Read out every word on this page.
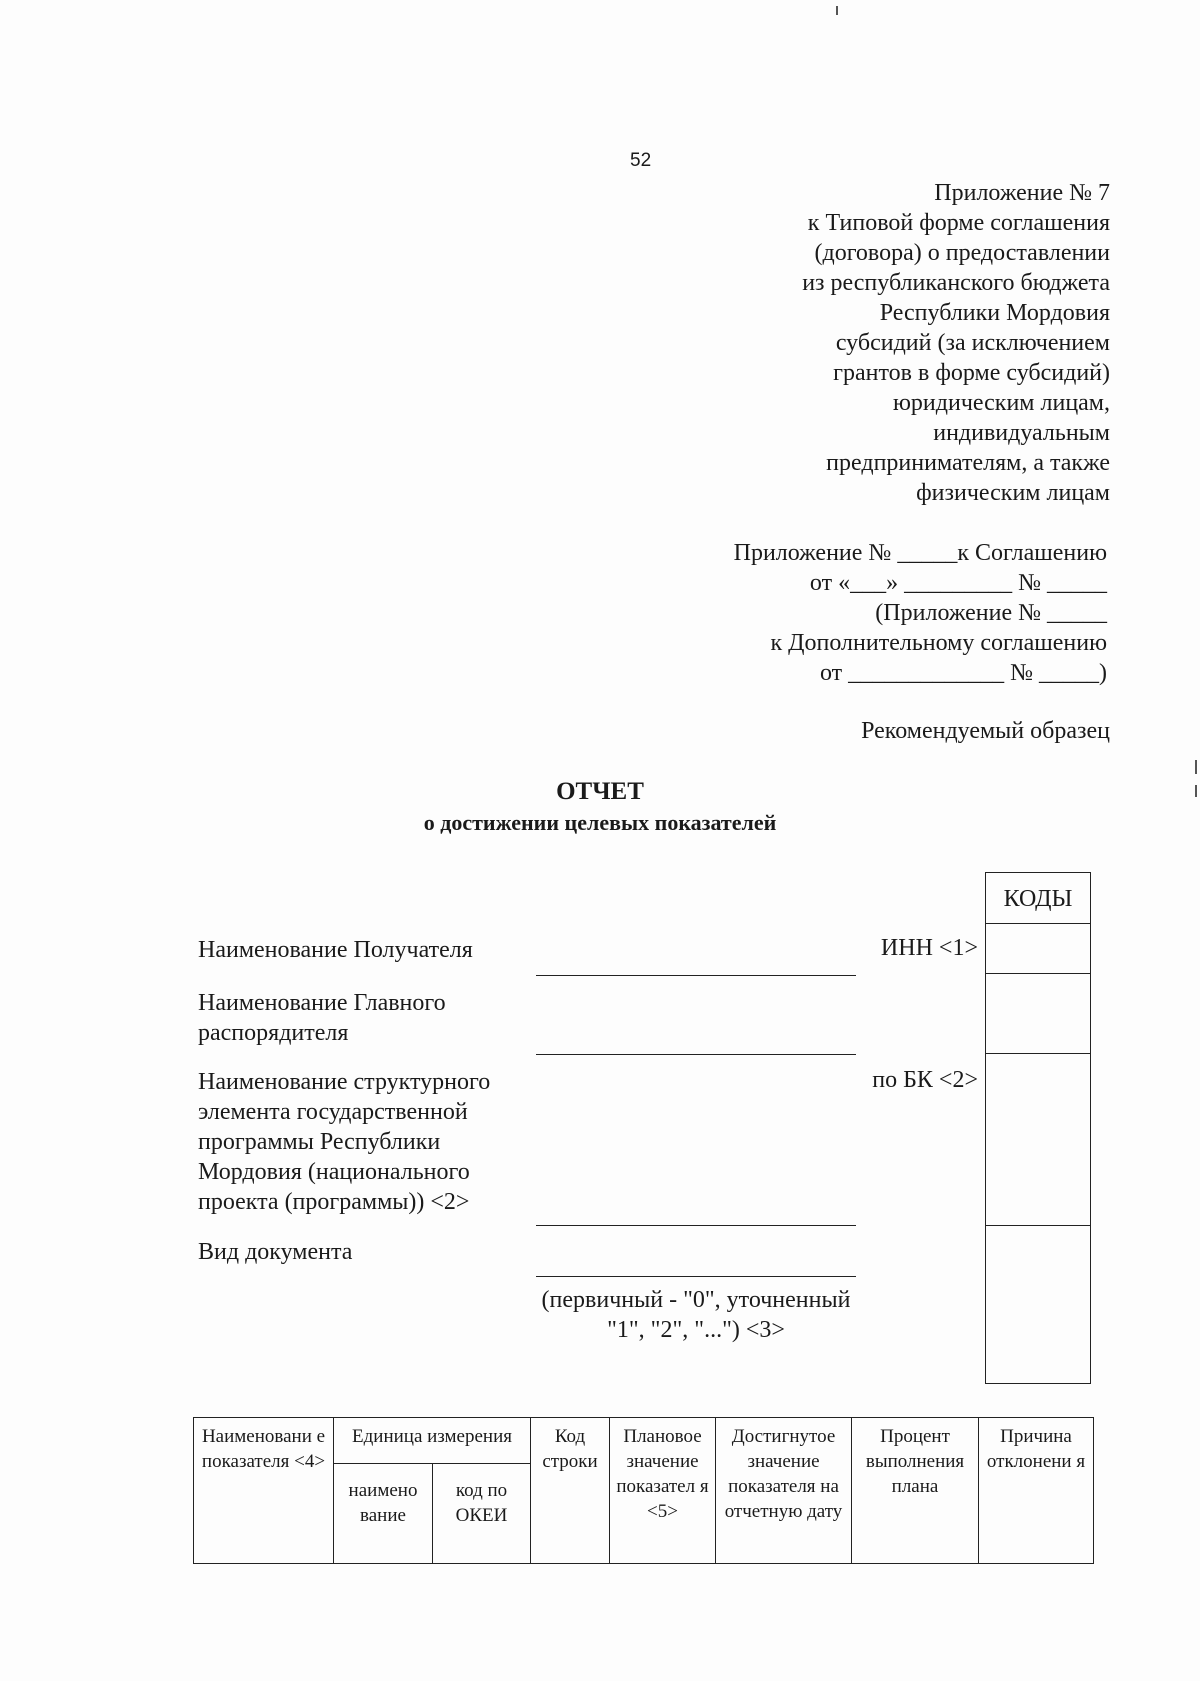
52
Приложение № 7
к Типовой форме соглашения
(договора) о предоставлении
из республиканского бюджета
Республики Мордовия
субсидий (за исключением
грантов в форме субсидий)
юридическим лицам,
индивидуальным
предпринимателям, а также
физическим лицам
Приложение № _____к Соглашению
от «___» _________ № _____
(Приложение № _____
к Дополнительному соглашению
от _____________ № _____)
Рекомендуемый образец
ОТЧЕТ
о достижении целевых показателей
КОДЫ
Наименование Получателя	ИНН <1>
Наименование Главного распорядителя
Наименование структурного элемента государственной программы Республики Мордовия (национального проекта (программы)) <2>
по БК <2>
Вид документа
(первичный - "0", уточненный "1", "2", "...") <3>
Наименовани е показателя <4>	Единица измерения		Код строки	Плановое значение показател я <5>	Достигнутое значение показателя на отчетную дату	Процент выполнения плана	Причина отклонени я
	наимено вание	код по ОКЕИ					
